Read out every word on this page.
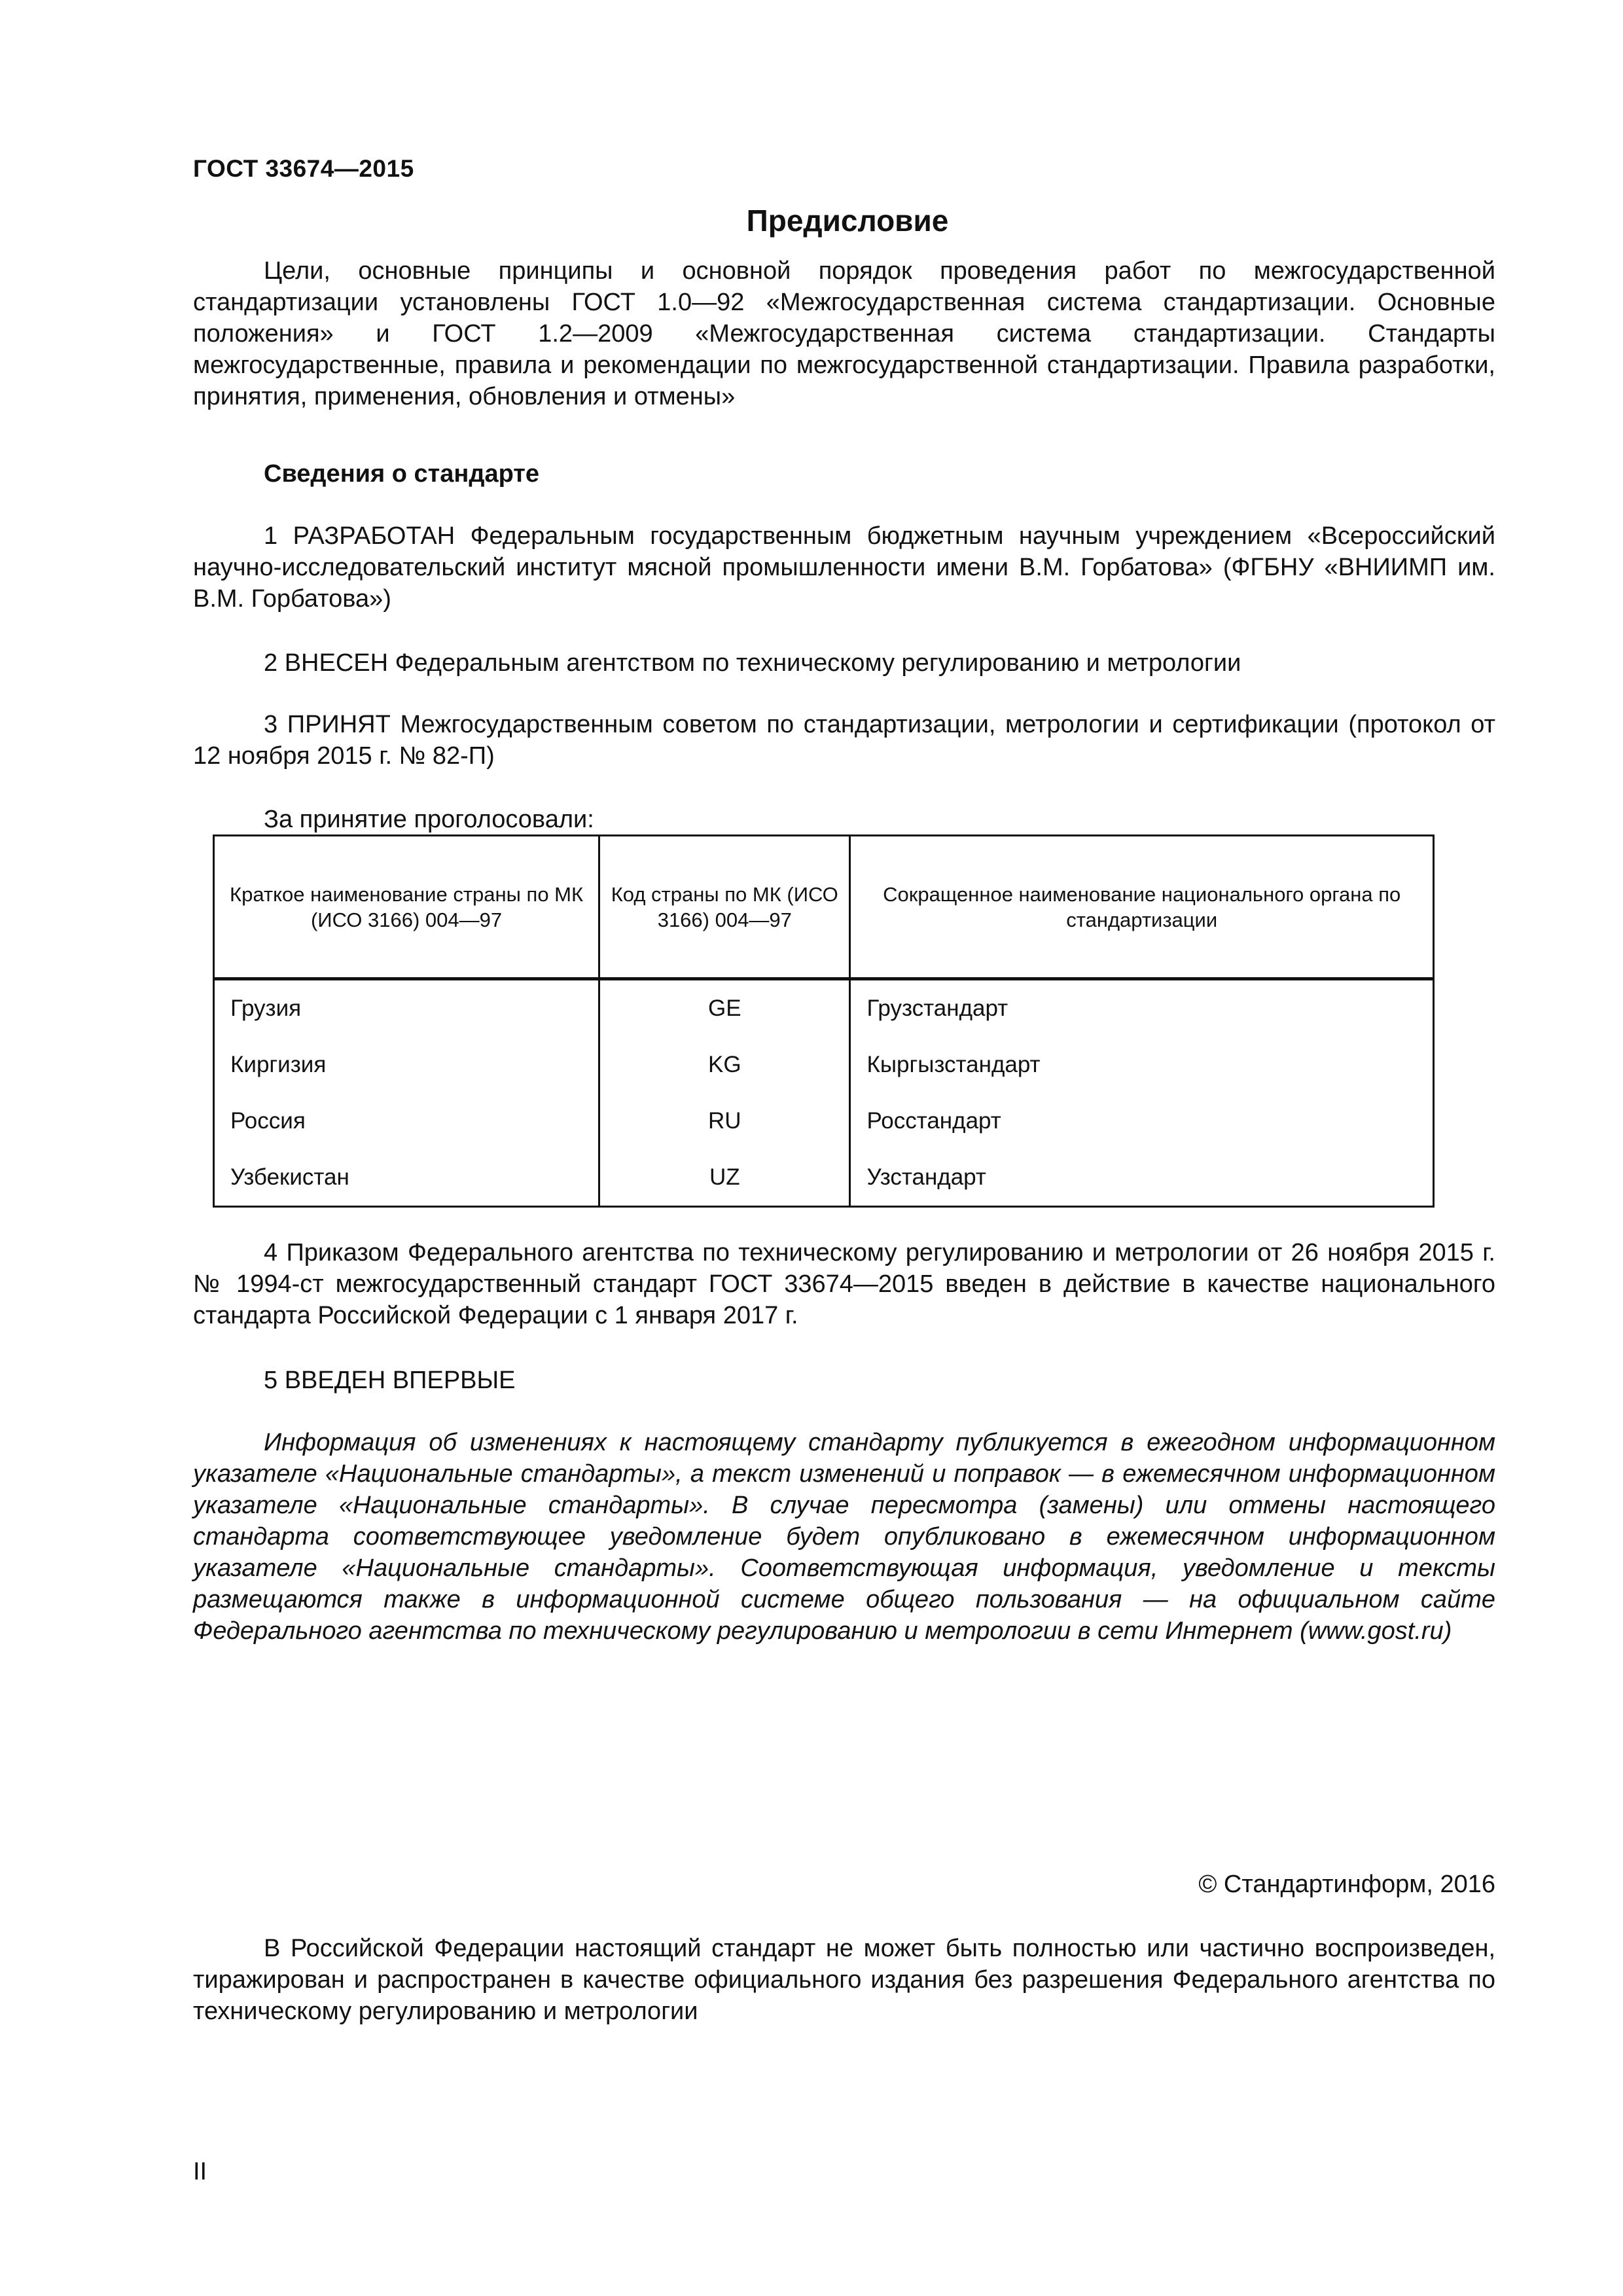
ГОСТ 33674—2015
Предисловие

Цели, основные принципы и основной порядок проведения работ по межгосударственной стандартизации установлены ГОСТ 1.0—92 «Межгосударственная система стандартизации. Основные положения» и ГОСТ 1.2—2009 «Межгосударственная система стандартизации. Стандарты межгосударственные, правила и рекомендации по межгосударственной стандартизации. Правила разработки, принятия, применения, обновления и отмены»

Сведения о стандарте

1 РАЗРАБОТАН Федеральным государственным бюджетным научным учреждением «Всероссийский научно-исследовательский институт мясной промышленности имени В.М. Горбатова» (ФГБНУ «ВНИИМП им. В.М. Горбатова»)

2 ВНЕСЕН Федеральным агентством по техническому регулированию и метрологии

3 ПРИНЯТ Межгосударственным советом по стандартизации, метрологии и сертификации (протокол от 12 ноября 2015 г. № 82-П)

За принятие проголосовали:
Краткое наименование страны по МК (ИСО 3166) 004—97	Код страны по МК (ИСО 3166) 004—97	Сокращенное наименование национального органа по стандартизации
Грузия	GE	Грузстандарт
Киргизия	KG	Кыргызстандарт
Россия	RU	Росстандарт
Узбекистан	UZ	Узстандарт

4 Приказом Федерального агентства по техническому регулированию и метрологии от 26 ноября 2015 г. № 1994-ст межгосударственный стандарт ГОСТ 33674—2015 введен в действие в качестве национального стандарта Российской Федерации с 1 января 2017 г.

5 ВВЕДЕН ВПЕРВЫЕ

Информация об изменениях к настоящему стандарту публикуется в ежегодном информационном указателе «Национальные стандарты», а текст изменений и поправок — в ежемесячном информационном указателе «Национальные стандарты». В случае пересмотра (замены) или отмены настоящего стандарта соответствующее уведомление будет опубликовано в ежемесячном информационном указателе «Национальные стандарты». Соответствующая информация, уведомление и тексты размещаются также в информационной системе общего пользования — на официальном сайте Федерального агентства по техническому регулированию и метрологии в сети Интернет (www.gost.ru)

© Стандартинформ, 2016

В Российской Федерации настоящий стандарт не может быть полностью или частично воспроизведен, тиражирован и распространен в качестве официального издания без разрешения Федерального агентства по техническому регулированию и метрологии

II
